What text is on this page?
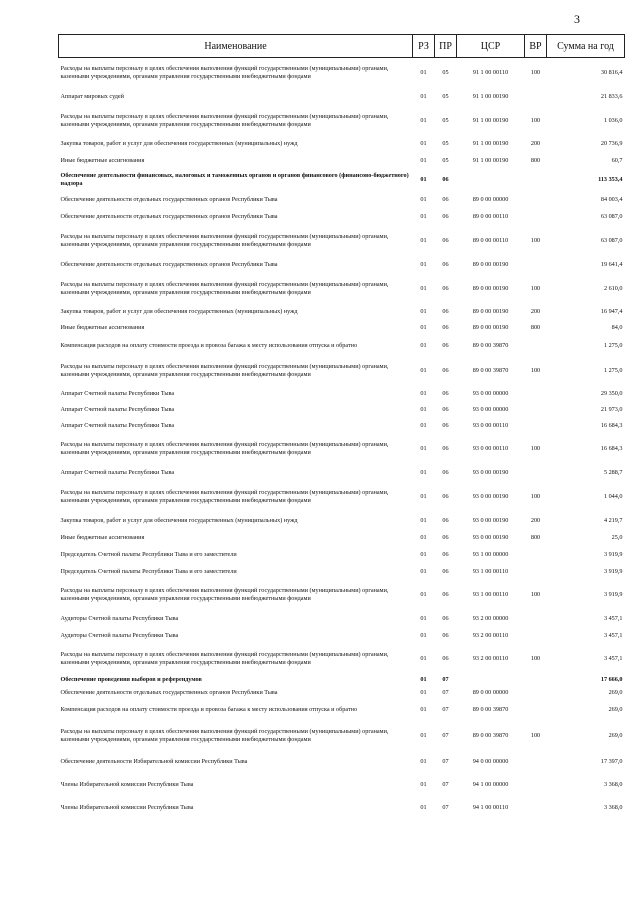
3
Наименование	РЗ	ПР	ЦСР	ВР	Сумма на год
Расходы на выплаты персоналу в целях обеспечения выполнения функций государственными (муниципальными) органами, казенными учреждениями, органами управления государственными внебюджетными фондами	01	05	91 1 00 00110	100	30 816,4
Аппарат мировых судей	01	05	91 1 00 00190		21 833,6
Расходы на выплаты персоналу в целях обеспечения выполнения функций государственными (муниципальными) органами, казенными учреждениями, органами управления государственными внебюджетными фондами	01	05	91 1 00 00190	100	1 036,0
Закупка товаров, работ и услуг для обеспечения государственных (муниципальных) нужд	01	05	91 1 00 00190	200	20 736,9
Иные бюджетные ассигнования	01	05	91 1 00 00190	800	60,7
Обеспечение деятельности финансовых, налоговых и таможенных органов и органов финансового (финансово-бюджетного) надзора	01	06			113 353,4
Обеспечение деятельности отдельных государственных органов Республики Тыва	01	06	89 0 00 00000		84 003,4
Обеспечение деятельности отдельных государственных органов Республики Тыва	01	06	89 0 00 00110		63 087,0
Расходы на выплаты персоналу в целях обеспечения выполнения функций государственными (муниципальными) органами, казенными учреждениями, органами управления государственными внебюджетными фондами	01	06	89 0 00 00110	100	63 087,0
Обеспечение деятельности отдельных государственных органов Республики Тыва	01	06	89 0 00 00190		19 641,4
Расходы на выплаты персоналу в целях обеспечения выполнения функций государственными (муниципальными) органами, казенными учреждениями, органами управления государственными внебюджетными фондами	01	06	89 0 00 00190	100	2 610,0
Закупка товаров, работ и услуг для обеспечения государственных (муниципальных) нужд	01	06	89 0 00 00190	200	16 947,4
Иные бюджетные ассигнования	01	06	89 0 00 00190	800	84,0
Компенсация расходов на оплату стоимости проезда и провоза багажа к месту использования отпуска и обратно	01	06	89 0 00 39870		1 275,0
Расходы на выплаты персоналу в целях обеспечения выполнения функций государственными (муниципальными) органами, казенными учреждениями, органами управления государственными внебюджетными фондами	01	06	89 0 00 39870	100	1 275,0
Аппарат Счетной палаты Республики Тыва	01	06	93 0 00 00000		29 350,0
Аппарат Счетной палаты Республики Тыва	01	06	93 0 00 00000		21 973,0
Аппарат Счетной палаты Республики Тыва	01	06	93 0 00 00110		16 684,3
Расходы на выплаты персоналу в целях обеспечения выполнения функций государственными (муниципальными) органами, казенными учреждениями, органами управления государственными внебюджетными фондами	01	06	93 0 00 00110	100	16 684,3
Аппарат Счетной палаты Республики Тыва	01	06	93 0 00 00190		5 288,7
Расходы на выплаты персоналу в целях обеспечения выполнения функций государственными (муниципальными) органами, казенными учреждениями, органами управления государственными внебюджетными фондами	01	06	93 0 00 00190	100	1 044,0
Закупка товаров, работ и услуг для обеспечения государственных (муниципальных) нужд	01	06	93 0 00 00190	200	4 219,7
Иные бюджетные ассигнования	01	06	93 0 00 00190	800	25,0
Председатель Счетной палаты Республики Тыва и его заместители	01	06	93 1 00 00000		3 919,9
Председатель Счетной палаты Республики Тыва и его заместители	01	06	93 1 00 00110		3 919,9
Расходы на выплаты персоналу в целях обеспечения выполнения функций государственными (муниципальными) органами, казенными учреждениями, органами управления государственными внебюджетными фондами	01	06	93 1 00 00110	100	3 919,9
Аудиторы Счетной палаты Республики Тыва	01	06	93 2 00 00000		3 457,1
Аудиторы Счетной палаты Республики Тыва	01	06	93 2 00 00110		3 457,1
Расходы на выплаты персоналу в целях обеспечения выполнения функций государственными (муниципальными) органами, казенными учреждениями, органами управления государственными внебюджетными фондами	01	06	93 2 00 00110	100	3 457,1
Обеспечение проведения выборов и референдумов	01	07			17 666,0
Обеспечение деятельности отдельных государственных органов Республики Тыва	01	07	89 0 00 00000		269,0
Компенсация расходов на оплату стоимости проезда и провоза багажа к месту использования отпуска и обратно	01	07	89 0 00 39870		269,0
Расходы на выплаты персоналу в целях обеспечения выполнения функций государственными (муниципальными) органами, казенными учреждениями, органами управления государственными внебюджетными фондами	01	07	89 0 00 39870	100	269,0
Обеспечение деятельности Избирательной комиссии Республики Тыва	01	07	94 0 00 00000		17 397,0
Члены Избирательной комиссии Республики Тыва	01	07	94 1 00 00000		3 368,0
Члены Избирательной комиссии Республики Тыва	01	07	94 1 00 00110		3 368,0
